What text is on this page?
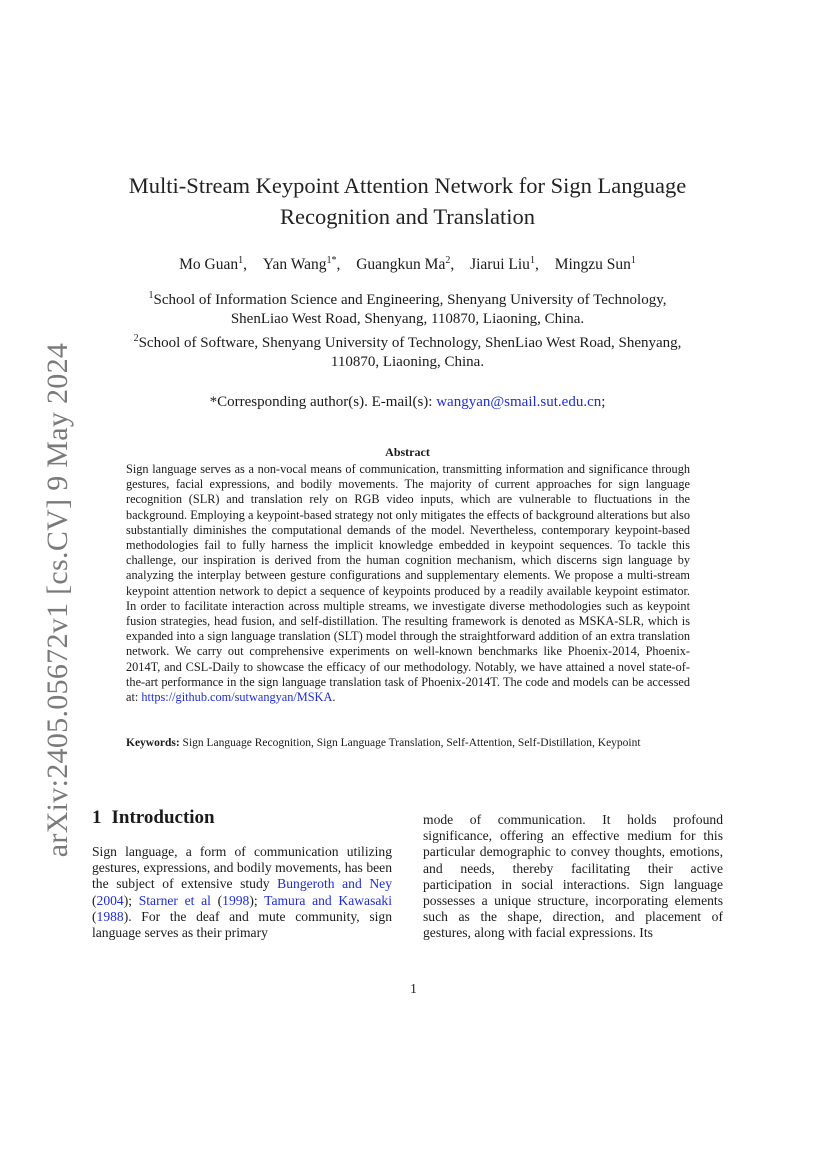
arXiv:2405.05672v1 [cs.CV] 9 May 2024
Multi-Stream Keypoint Attention Network for Sign Language
Recognition and Translation
Mo Guan$^1$, Yan Wang$^{1*}$, Guangkun Ma$^2$, Jiarui Liu$^1$, Mingzu Sun$^1$

$^1$School of Information Science and Engineering, Shenyang University of Technology,

ShenLiao West Road, Shenyang, 110870, Liaoning, China.

$^2$School of Software, Shenyang University of Technology, ShenLiao West Road, Shenyang,

110870, Liaoning, China.

*Corresponding author(s). E-mail(s): wangyan@smail.sut.edu.cn;
Abstract

Sign language serves as a non-vocal means of communication, transmitting information and significance through gestures, facial expressions, and bodily movements. The majority of current approaches for sign language recognition (SLR) and translation rely on RGB video inputs, which are vulnerable to fluctuations in the background. Employing a keypoint-based strategy not only mitigates the effects of background alterations but also substantially diminishes the computational demands of the model. Nevertheless, contemporary keypoint-based methodologies fail to fully harness the implicit knowledge embedded in keypoint sequences. To tackle this challenge, our inspiration is derived from the human cognition mechanism, which discerns sign language by analyzing the interplay between gesture configurations and supplementary elements. We propose a multi-stream keypoint attention network to depict a sequence of keypoints produced by a readily available keypoint estimator. In order to facilitate interaction across multiple streams, we investigate diverse methodologies such as keypoint fusion strategies, head fusion, and self-distillation. The resulting framework is denoted as MSKA-SLR, which is expanded into a sign language translation (SLT) model through the straightforward addition of an extra translation network. We carry out comprehensive experiments on well-known benchmarks like Phoenix-2014, Phoenix-2014T, and CSL-Daily to showcase the efficacy of our methodology. Notably, we have attained a novel state-of-the-art performance in the sign language translation task of Phoenix-2014T. The code and models can be accessed at: https://github.com/sutwangyan/MSKA.

Keywords: Sign Language Recognition, Sign Language Translation, Self-Attention, Self-Distillation, Keypoint
1 Introduction

Sign language, a form of communication utilizing gestures, expressions, and bodily movements, has been the subject of extensive study Bungeroth and Ney (2004); Starner et al (1998); Tamura and Kawasaki (1988). For the deaf and mute community, sign language serves as their primary

mode of communication. It holds profound significance, offering an effective medium for this particular demographic to convey thoughts, emotions, and needs, thereby facilitating their active participation in social interactions. Sign language possesses a unique structure, incorporating elements such as the shape, direction, and placement of gestures, along with facial expressions. Its

1
